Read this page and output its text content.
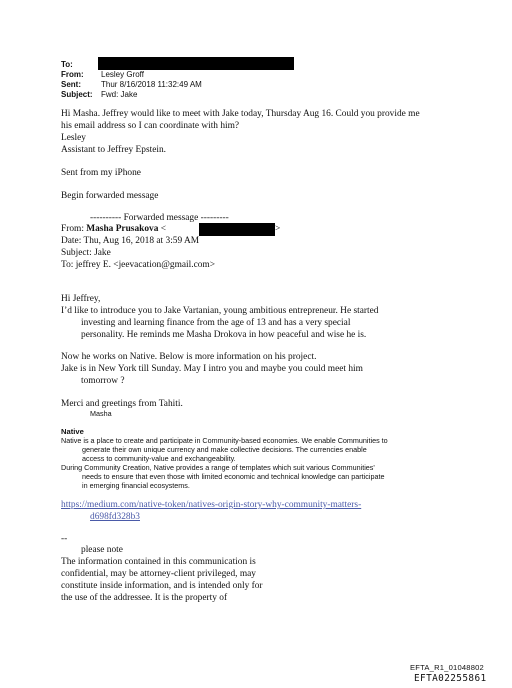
To:
From: Lesley Groff
Sent:	Thur 8/16/2018 11:32:49 AM
Subject: Fwd: Jake
Hi Masha. Jeffrey would like to meet with Jake today, Thursday Aug 16. Could you provide me
his email address so I can coordinate with him?
Lesley
Assistant to Jeffrey Epstein.
Sent from my iPhone
Begin forwarded message
---------- Forwarded message ---------
From: Masha Prusakova <	>
Date: Thu, Aug 16, 2018 at 3:59 AM
Subject: Jake
To: jeffrey E. <jeevacation@gmail.com>
Hi Jeffrey,
I’d like to introduce you to Jake Vartanian, young ambitious entrepreneur. He started
investing and learning finance from the age of 13 and has a very special
personality. He reminds me Masha Drokova in how peaceful and wise he is.
Now he works on Native. Below is more information on his project.
Jake is in New York till Sunday. May I intro you and maybe you could meet him
tomorrow ?
Merci and greetings from Tahiti.
Masha
Native
Native is a place to create and participate in Community-based economies. We enable Communities to
generate their own unique currency and make collective decisions. The currencies enable
access to community-value and exchangeability.
During Community Creation, Native provides a range of templates which suit various Communities'
needs to ensure that even those with limited economic and technical knowledge can participate
in emerging financial ecosystems.
https://medium.com/native-token/natives-origin-story-why-community-matters-
d698fd328b3
--
please note
The information contained in this communication is
confidential, may be attorney-client privileged, may
constitute inside information, and is intended only for
the use of the addressee. It is the property of
EFTA_R1_01048802
EFTA02255861
